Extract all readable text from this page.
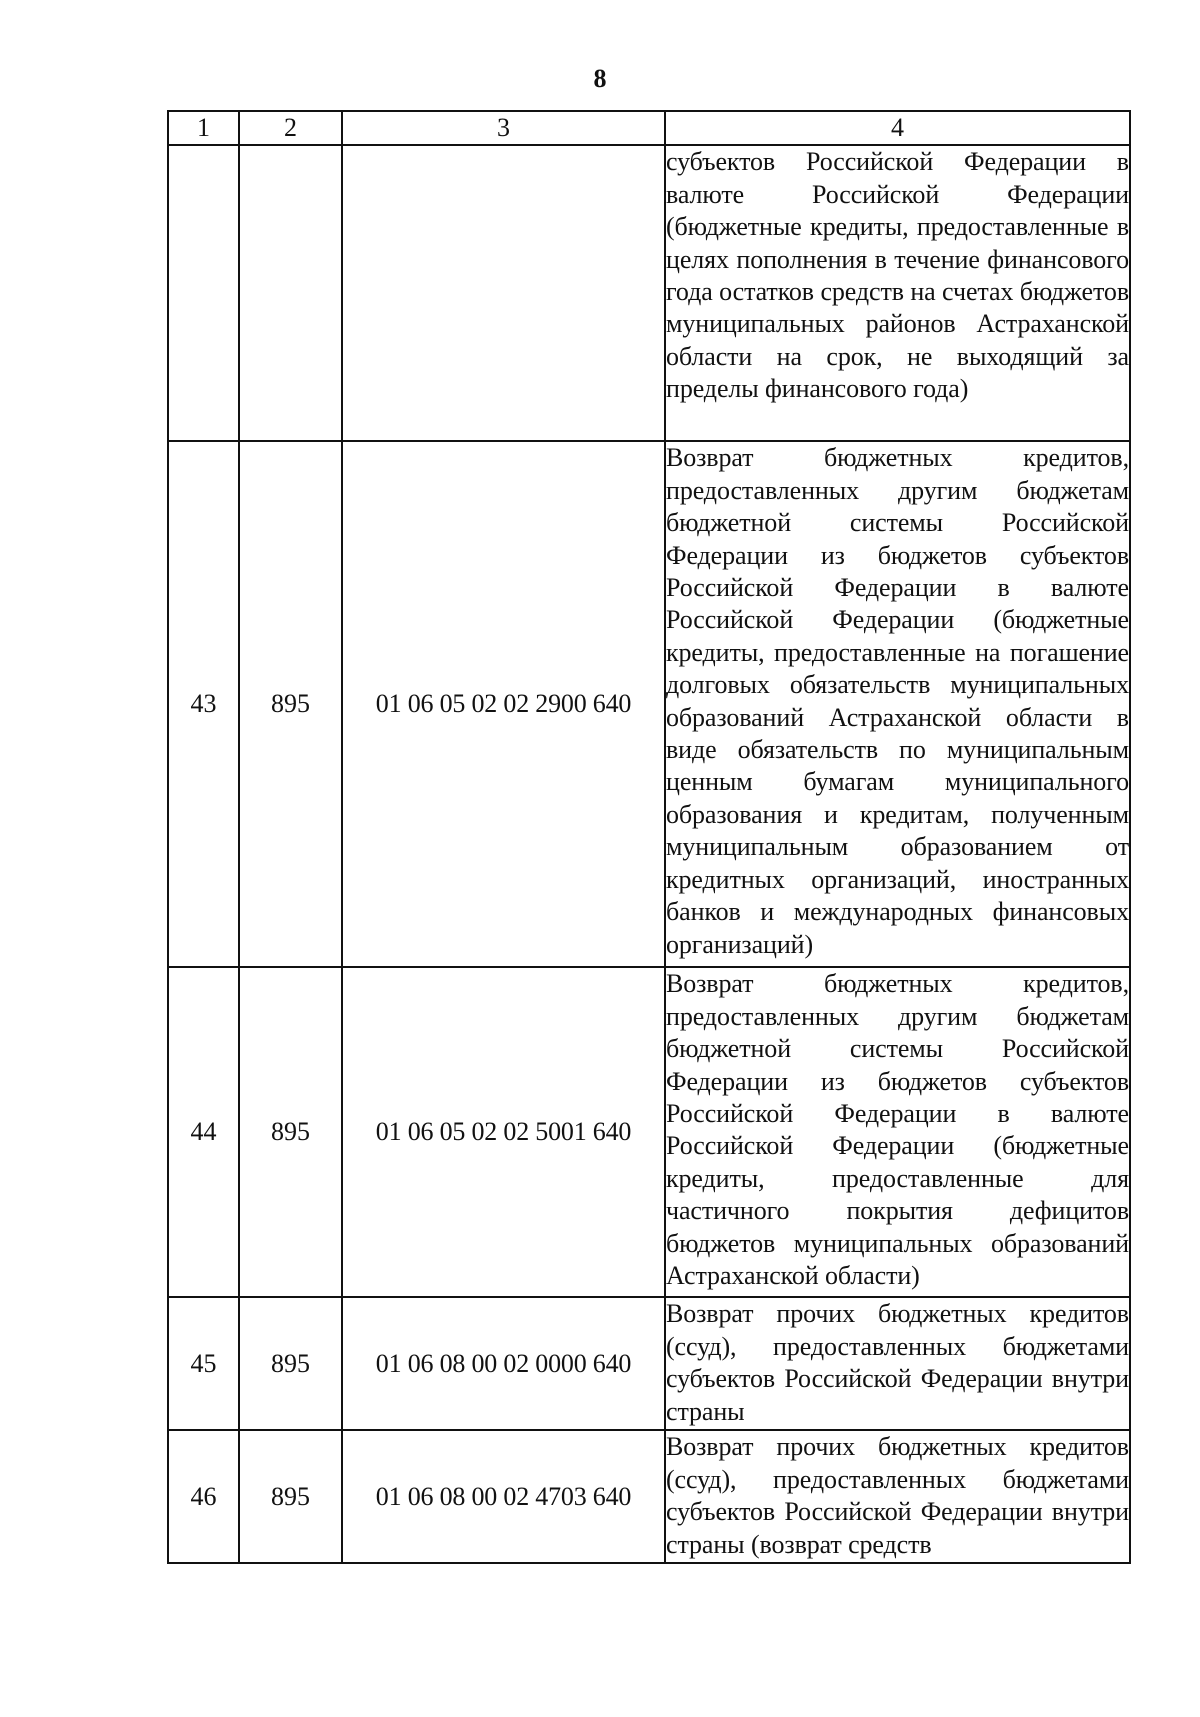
8
1	2	3	4
			субъектов Российской Федерации в валюте Российской Федерации (бюджетные кредиты, предоставленные в целях пополнения в течение финансового года остатков средств на счетах бюджетов муниципальных районов Астраханской области на срок, не выходящий за пределы финансового года)
43	895	01 06 05 02 02 2900 640	Возврат бюджетных кредитов, предоставленных другим бюджетам бюджетной системы Российской Федерации из бюджетов субъектов Российской Федерации в валюте Российской Федерации (бюджетные кредиты, предоставленные на погашение долговых обязательств муниципальных образований Астраханской области в виде обязательств по муниципальным ценным бумагам муниципального образования и кредитам, полученным муниципальным образованием от кредитных организаций, иностранных банков и международных финансовых организаций)
44	895	01 06 05 02 02 5001 640	Возврат бюджетных кредитов, предоставленных другим бюджетам бюджетной системы Российской Федерации из бюджетов субъектов Российской Федерации в валюте Российской Федерации (бюджетные кредиты, предоставленные для частичного покрытия дефицитов бюджетов муниципальных образований Астраханской области)
45	895	01 06 08 00 02 0000 640	Возврат прочих бюджетных кредитов (ссуд), предоставленных бюджетами субъектов Российской Федерации внутри страны
46	895	01 06 08 00 02 4703 640	Возврат прочих бюджетных кредитов (ссуд), предоставленных бюджетами субъектов Российской Федерации внутри страны (возврат средств
